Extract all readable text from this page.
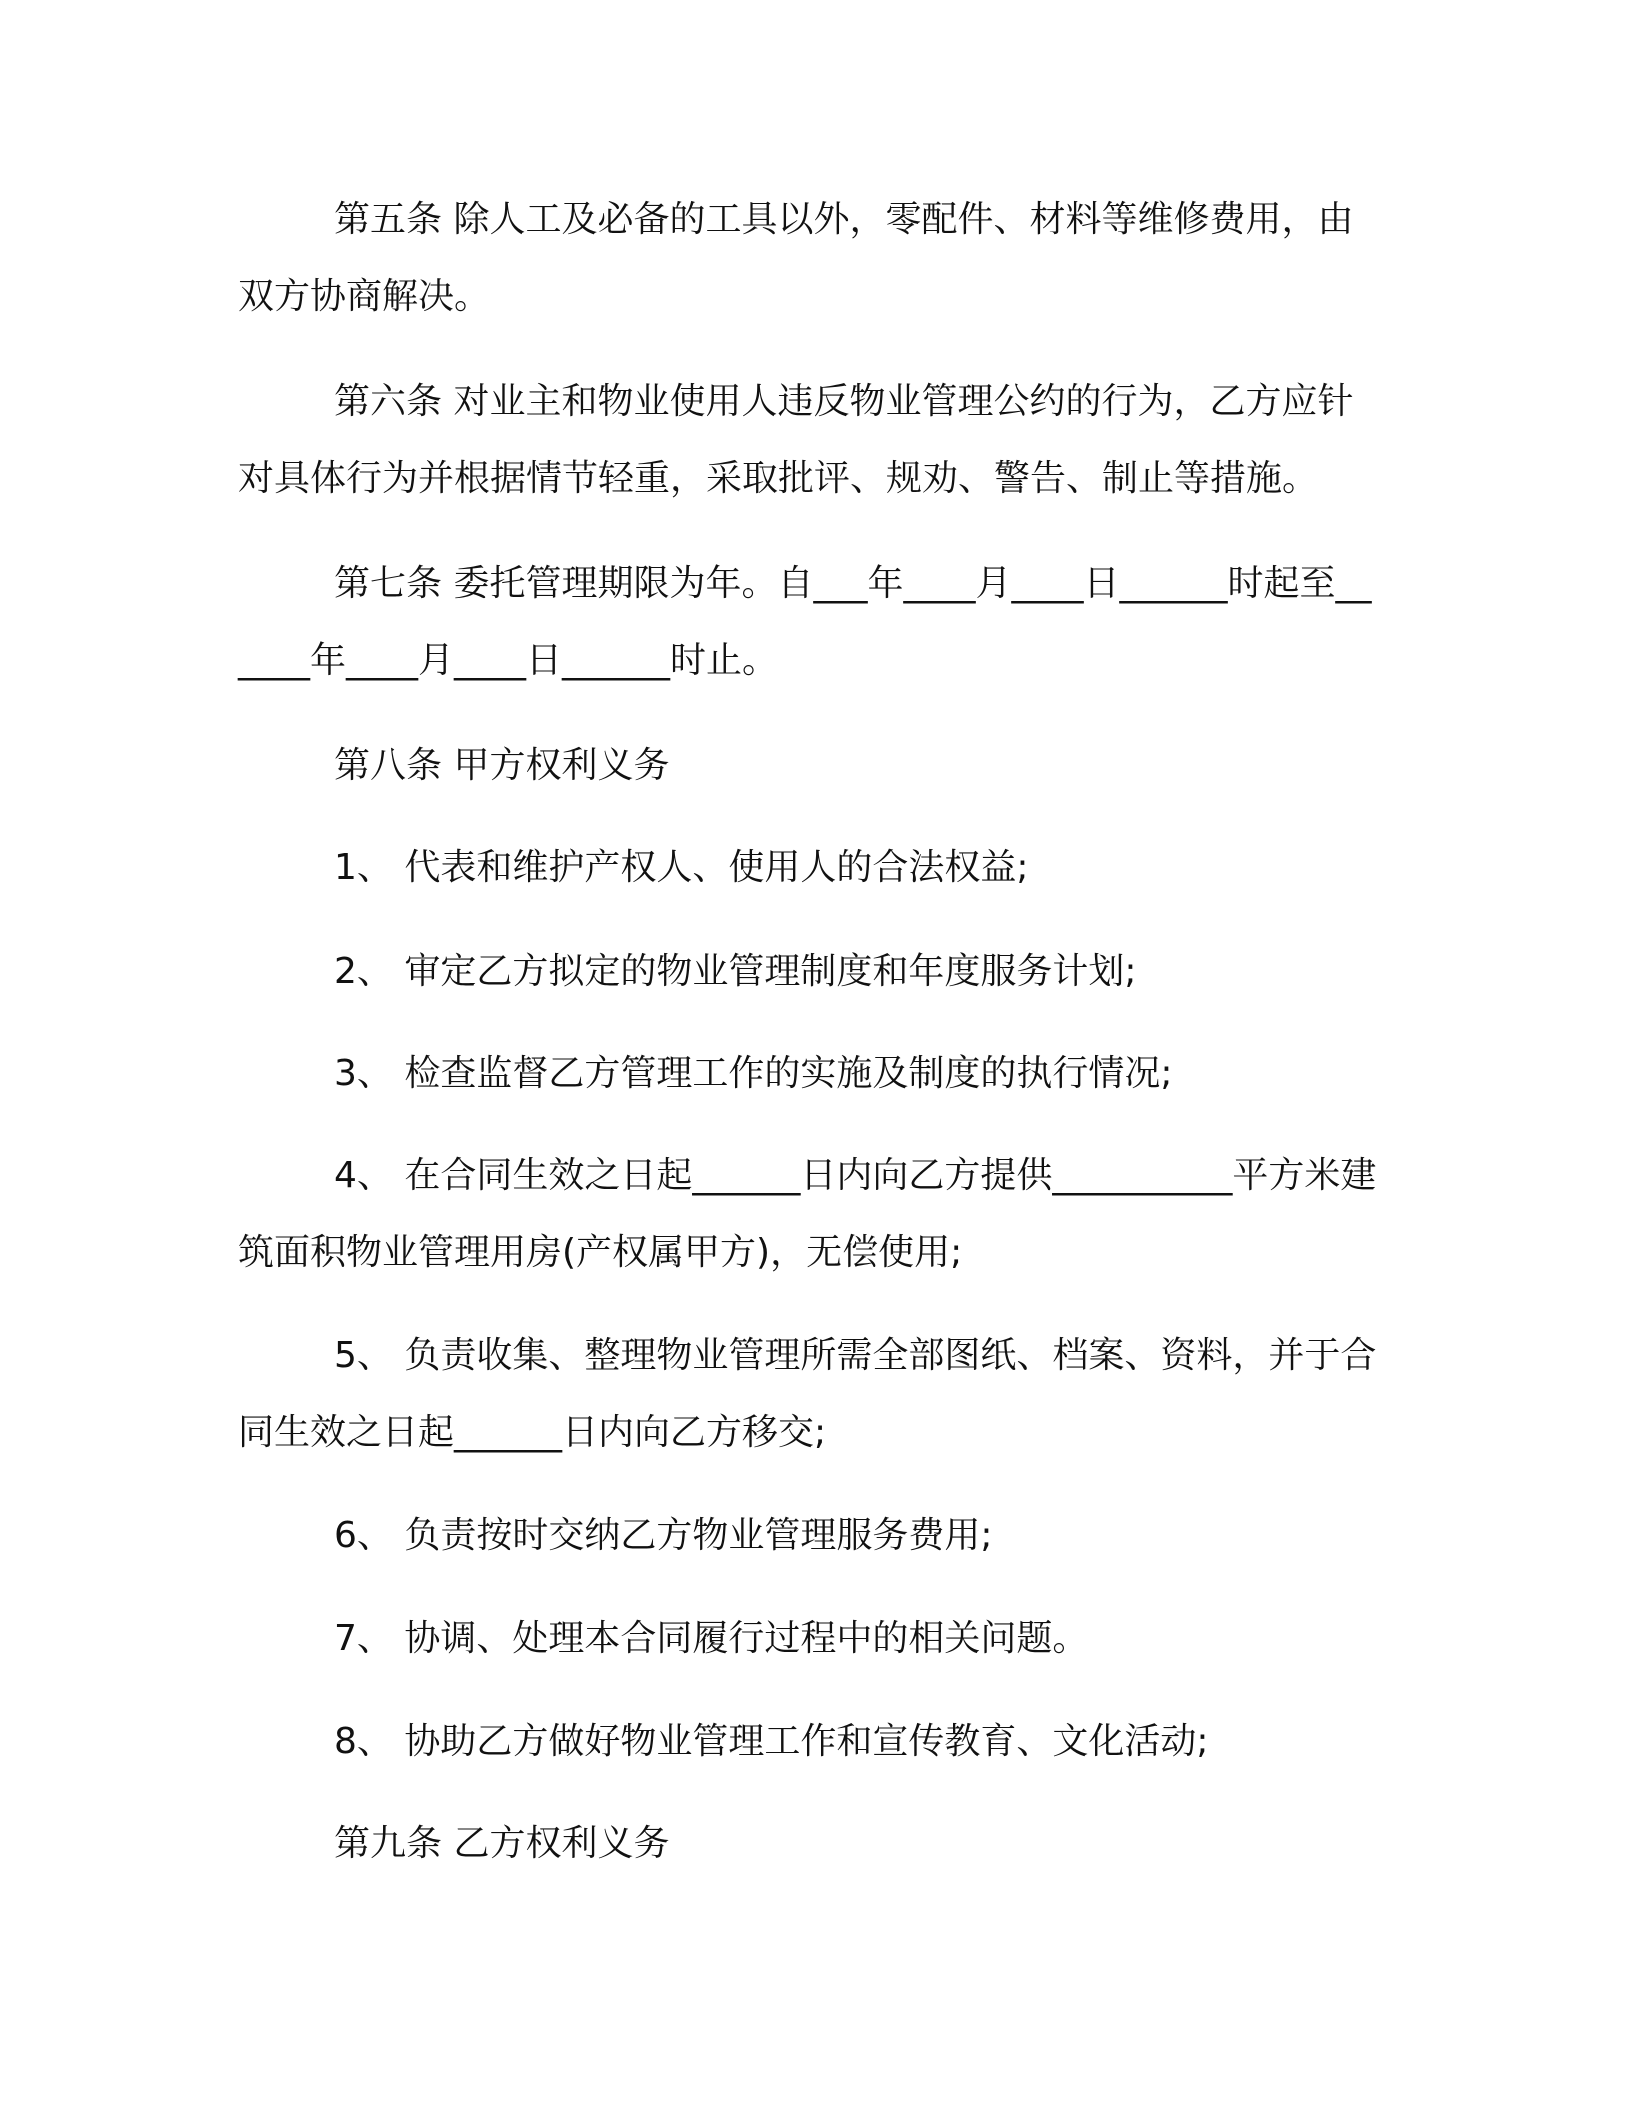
第五条 除人工及必备的工具以外，零配件、材料等维修费用，由双方协商解决。

第六条 对业主和物业使用人违反物业管理公约的行为，乙方应针对具体行为并根据情节轻重，采取批评、规劝、警告、制止等措施。

第七条 委托管理期限为年。自___年____月____日______时起至______年____月____日______时止。

第八条 甲方权利义务

1、 代表和维护产权人、使用人的合法权益;

2、 审定乙方拟定的物业管理制度和年度服务计划;

3、 检查监督乙方管理工作的实施及制度的执行情况;

4、 在合同生效之日起______日内向乙方提供__________平方米建筑面积物业管理用房(产权属甲方)，无偿使用;

5、 负责收集、整理物业管理所需全部图纸、档案、资料，并于合同生效之日起______日内向乙方移交;

6、 负责按时交纳乙方物业管理服务费用;

7、 协调、处理本合同履行过程中的相关问题。

8、 协助乙方做好物业管理工作和宣传教育、文化活动;

第九条 乙方权利义务
